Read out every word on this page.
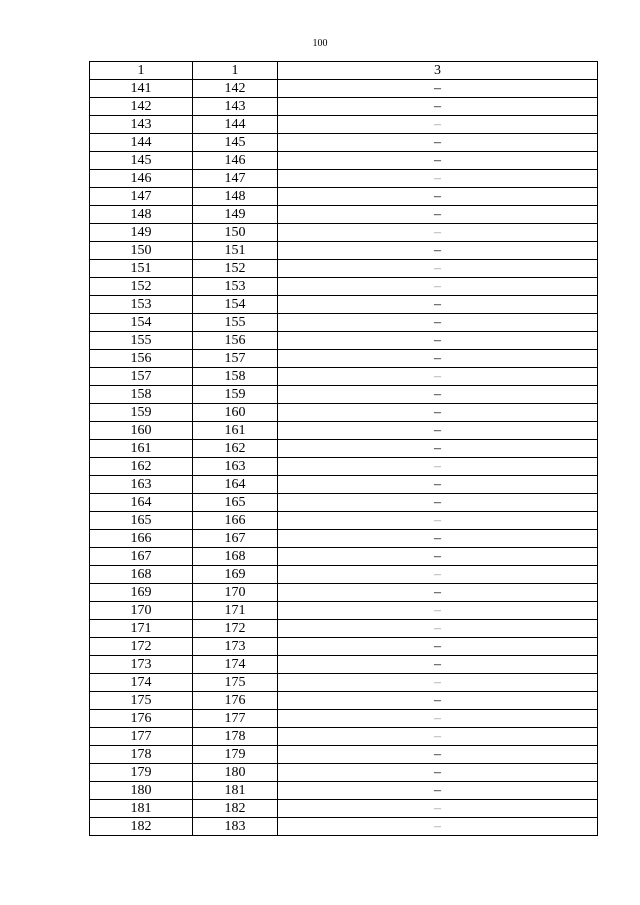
100
1	1	3
141	142	–
142	143	–
143	144	–
144	145	–
145	146	–
146	147	–
147	148	–
148	149	–
149	150	–
150	151	–
151	152	–
152	153	–
153	154	–
154	155	–
155	156	–
156	157	–
157	158	–
158	159	–
159	160	–
160	161	–
161	162	–
162	163	–
163	164	–
164	165	–
165	166	–
166	167	–
167	168	–
168	169	–
169	170	–
170	171	–
171	172	–
172	173	–
173	174	–
174	175	–
175	176	–
176	177	–
177	178	–
178	179	–
179	180	–
180	181	–
181	182	–
182	183	–
